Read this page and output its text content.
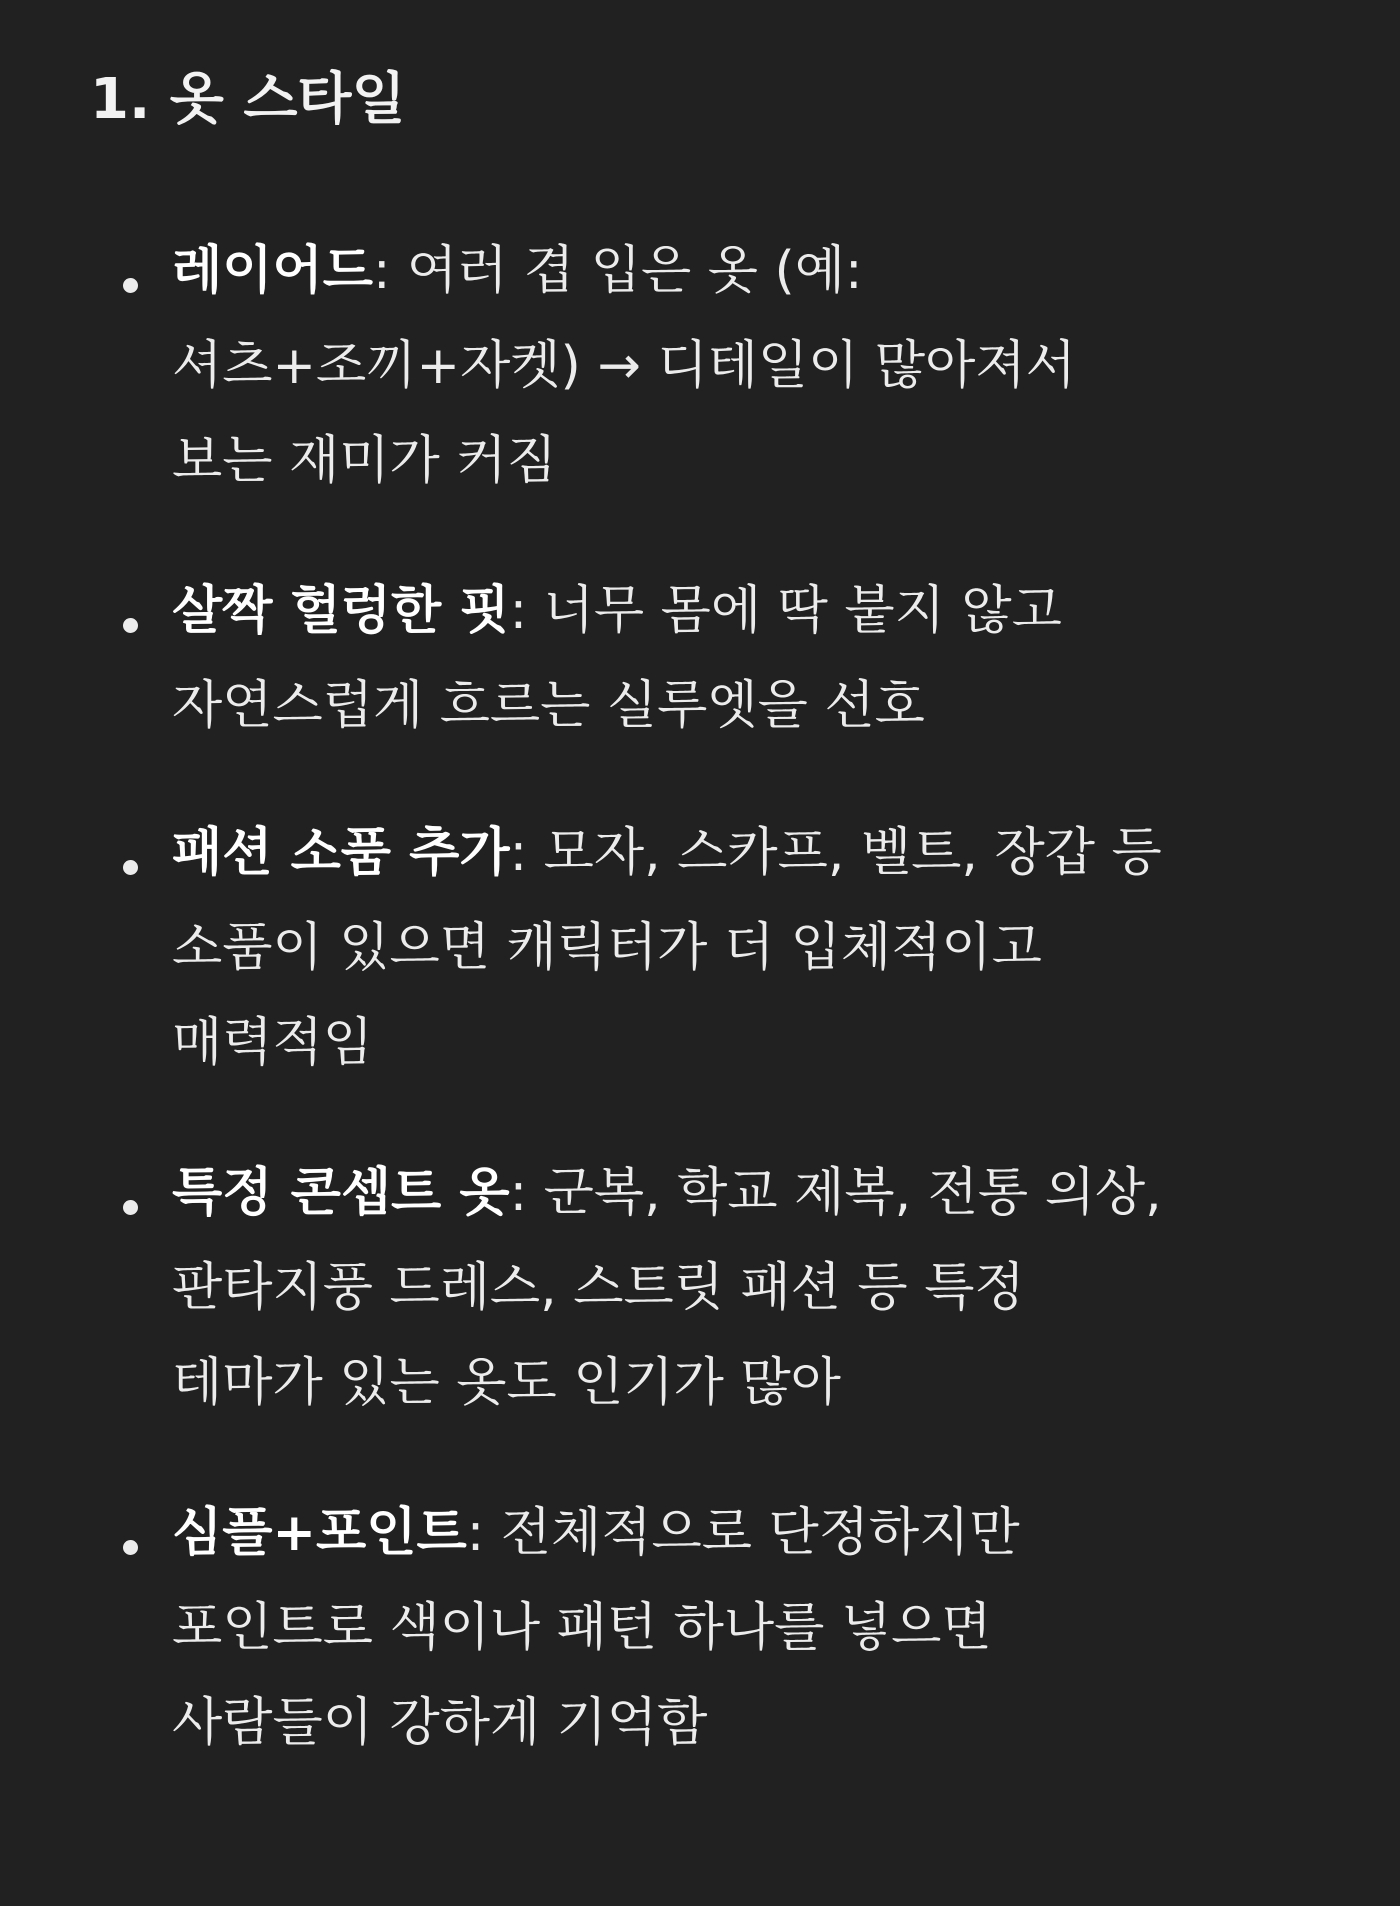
1. 옷 스타일

레이어드: 여러 겹 입은 옷 (예:
셔츠+조끼+자켓) → 디테일이 많아져서
보는 재미가 커짐

살짝 헐렁한 핏: 너무 몸에 딱 붙지 않고
자연스럽게 흐르는 실루엣을 선호

패션 소품 추가: 모자, 스카프, 벨트, 장갑 등
소품이 있으면 캐릭터가 더 입체적이고
매력적임

특정 콘셉트 옷: 군복, 학교 제복, 전통 의상,
판타지풍 드레스, 스트릿 패션 등 특정
테마가 있는 옷도 인기가 많아

심플+포인트: 전체적으로 단정하지만
포인트로 색이나 패턴 하나를 넣으면
사람들이 강하게 기억함
